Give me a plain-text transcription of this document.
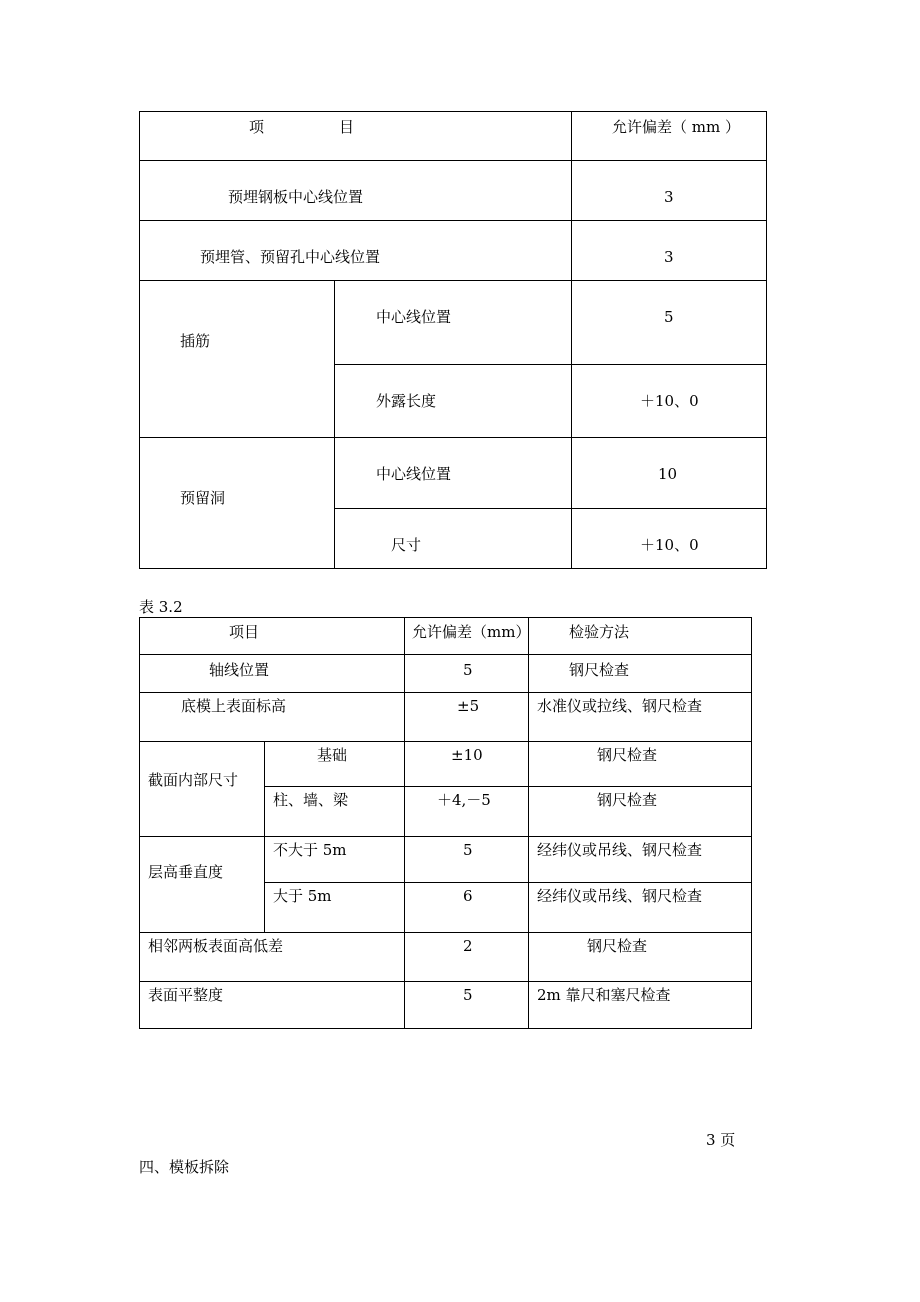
项　　　　　目		允许偏差（ mm ）

预埋钢板中心线位置		3

预埋管、预留孔中心线位置		3

插筋	中心线位置	5

	外露长度	＋10、0

预留洞	中心线位置	10

	尺寸	＋10、0
表 3.2
项目		允许偏差（mm）	检验方法

轴线位置		5	钢尺检查

底模上表面标高		±5	水准仪或拉线、钢尺检查

截面内部尺寸	基础	±10	钢尺检查

	柱、墙、梁	＋4,－5	钢尺检查

层高垂直度	不大于 5m	5	经纬仪或吊线、钢尺检查

	大于 5m	6	经纬仪或吊线、钢尺检查

相邻两板表面高低差		2	钢尺检查

表面平整度		5	2m 靠尺和塞尺检查
3 页
四、模板拆除
